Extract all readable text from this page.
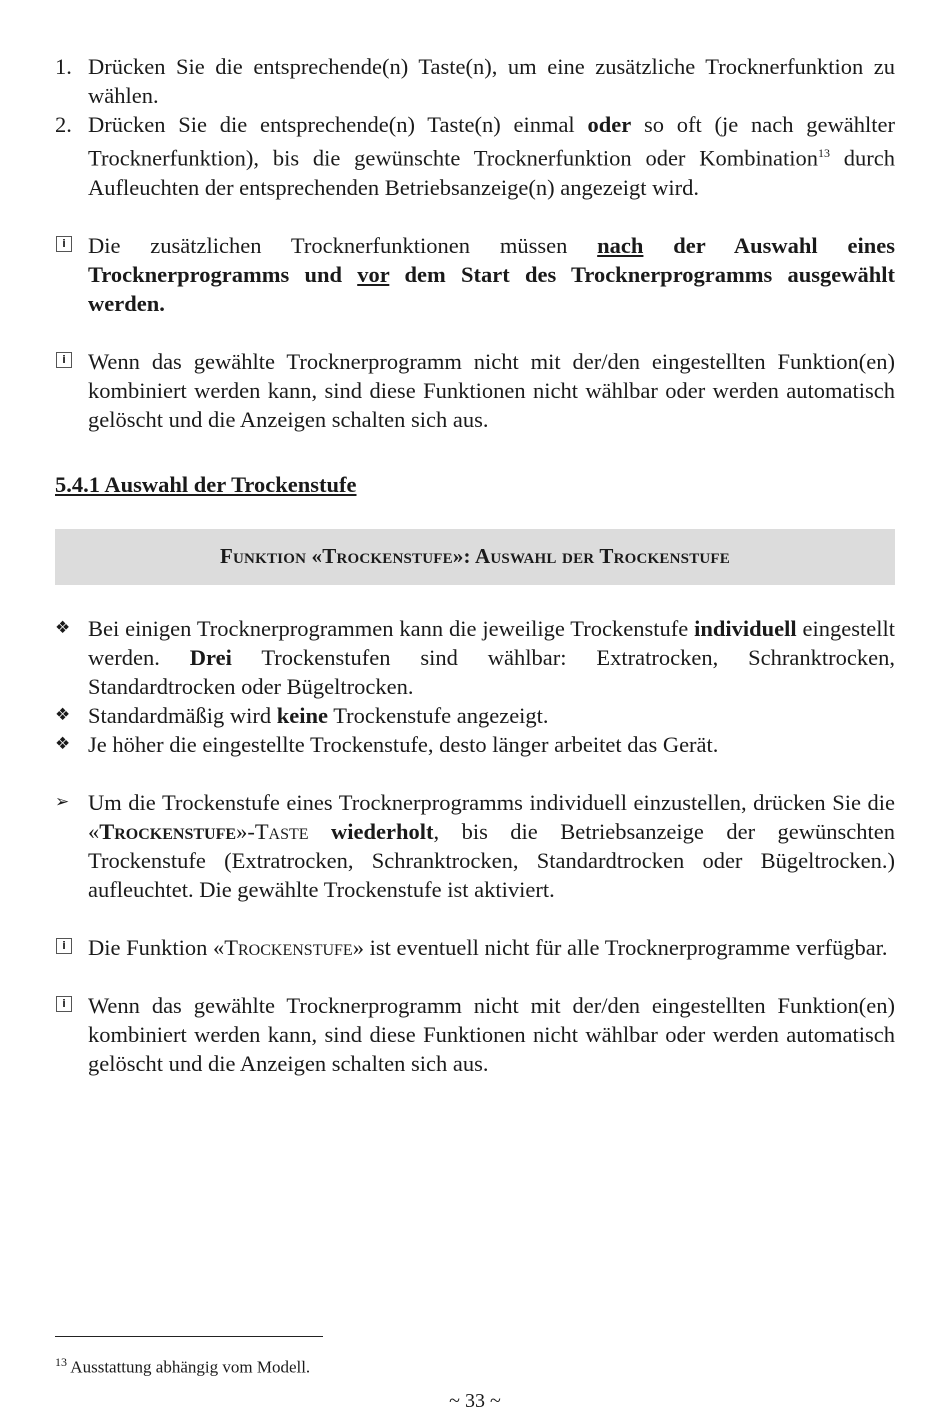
1. Drücken Sie die entsprechende(n) Taste(n), um eine zusätzliche Trocknerfunktion zu wählen.
2. Drücken Sie die entsprechende(n) Taste(n) einmal oder so oft (je nach gewählter Trocknerfunktion), bis die gewünschte Trocknerfunktion oder Kombination$^{13}$ durch Aufleuchten der entsprechenden Betriebsanzeige(n) angezeigt wird.
i Die zusätzlichen Trocknerfunktionen müssen nach der Auswahl eines Trocknerprogramms und vor dem Start des Trocknerprogramms ausgewählt werden.
i Wenn das gewählte Trocknerprogramm nicht mit der/den eingestellten Funktion(en) kombiniert werden kann, sind diese Funktionen nicht wählbar oder werden automatisch gelöscht und die Anzeigen schalten sich aus.
5.4.1 Auswahl der Trockenstufe
Funktion «Trockenstufe»: Auswahl der Trockenstufe
❖ Bei einigen Trocknerprogrammen kann die jeweilige Trockenstufe individuell eingestellt werden. Drei Trockenstufen sind wählbar: Extratrocken, Schranktrocken, Standardtrocken oder Bügeltrocken.
❖ Standardmäßig wird keine Trockenstufe angezeigt.
❖ Je höher die eingestellte Trockenstufe, desto länger arbeitet das Gerät.
➢ Um die Trockenstufe eines Trocknerprogramms individuell einzustellen, drücken Sie die «Trockenstufe»-Taste wiederholt, bis die Betriebsanzeige der gewünschten Trockenstufe (Extratrocken, Schranktrocken, Standardtrocken oder Bügeltrocken.) aufleuchtet. Die gewählte Trockenstufe ist aktiviert.
i Die Funktion «Trockenstufe» ist eventuell nicht für alle Trocknerprogramme verfügbar.
i Wenn das gewählte Trocknerprogramm nicht mit der/den eingestellten Funktion(en) kombiniert werden kann, sind diese Funktionen nicht wählbar oder werden automatisch gelöscht und die Anzeigen schalten sich aus.
$^{13}$ Ausstattung abhängig vom Modell.
~ 33 ~
